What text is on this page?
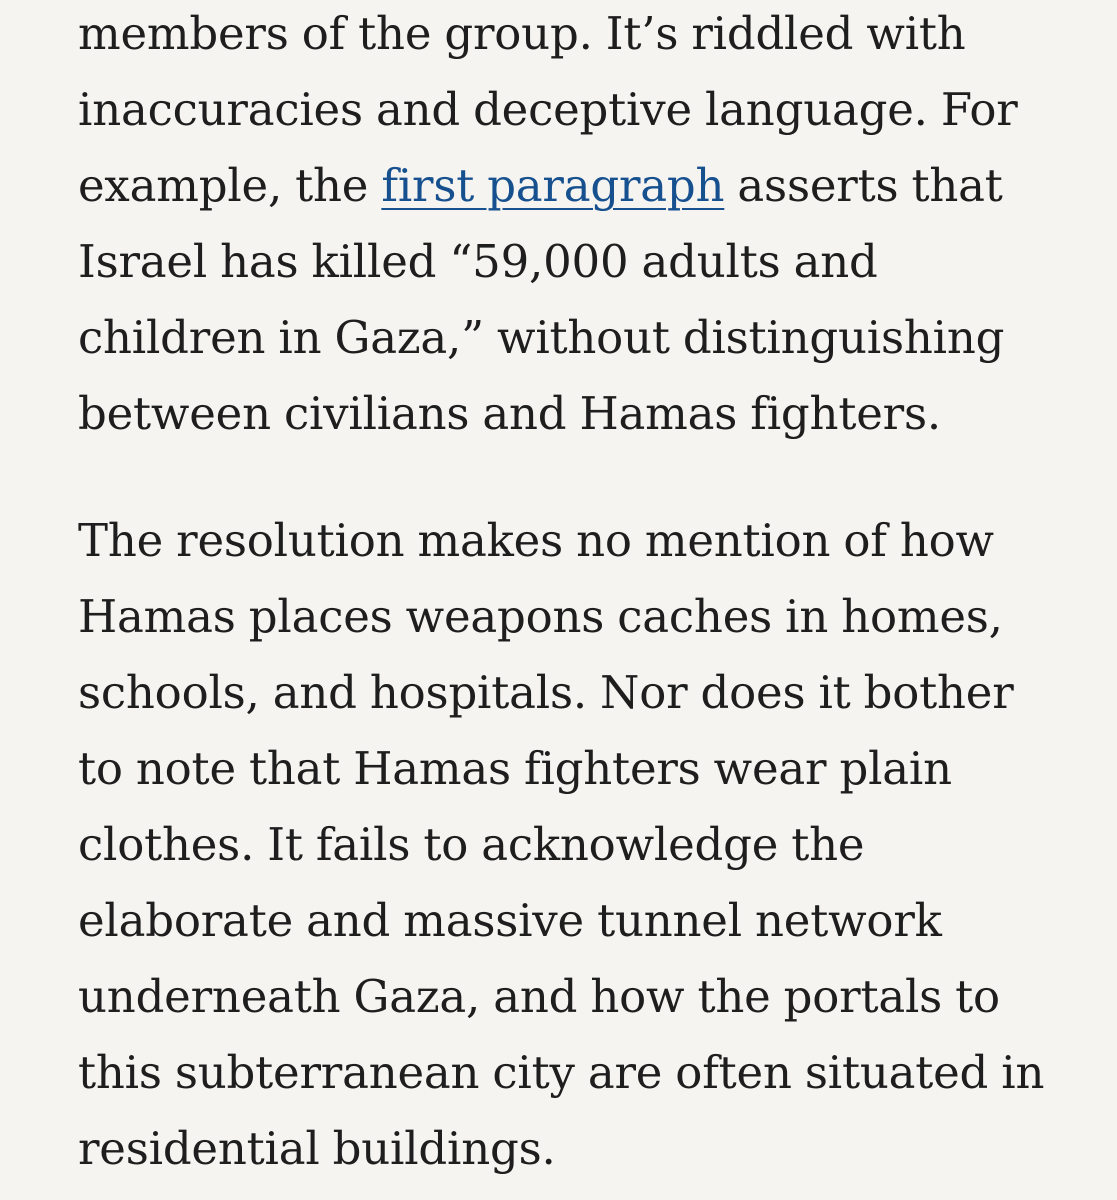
members of the group. It’s riddled with
inaccuracies and deceptive language. For
example, the first paragraph asserts that
Israel has killed “59,000 adults and
children in Gaza,” without distinguishing
between civilians and Hamas fighters.

The resolution makes no mention of how
Hamas places weapons caches in homes,
schools, and hospitals. Nor does it bother
to note that Hamas fighters wear plain
clothes. It fails to acknowledge the
elaborate and massive tunnel network
underneath Gaza, and how the portals to
this subterranean city are often situated in
residential buildings.
